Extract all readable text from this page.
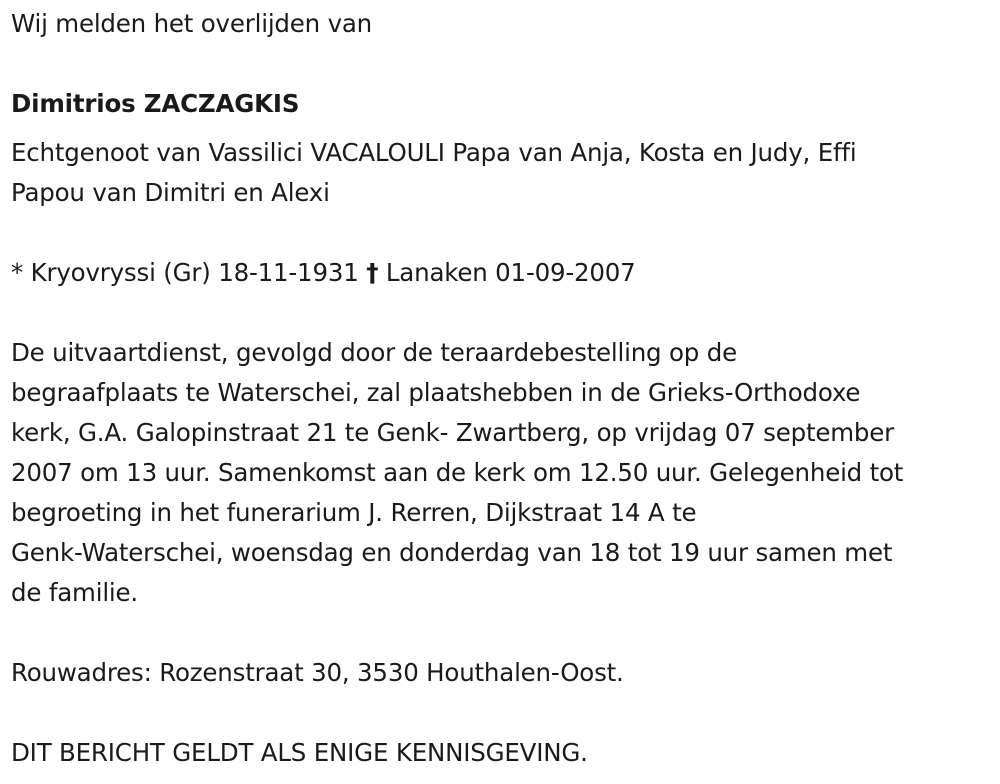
Wij melden het overlijden van
Dimitrios ZACZAGKIS
Echtgenoot van Vassilici VACALOULI Papa van Anja, Kosta en Judy, Effi
Papou van Dimitri en Alexi
* Kryovryssi (Gr) 18-11-1931 † Lanaken 01-09-2007
De uitvaartdienst, gevolgd door de teraardebestelling op de
begraafplaats te Waterschei, zal plaatshebben in de Grieks-Orthodoxe
kerk, G.A. Galopinstraat 21 te Genk- Zwartberg, op vrijdag 07 september
2007 om 13 uur. Samenkomst aan de kerk om 12.50 uur. Gelegenheid tot
begroeting in het funerarium J. Rerren, Dijkstraat 14 A te
Genk-Waterschei, woensdag en donderdag van 18 tot 19 uur samen met
de familie.
Rouwadres: Rozenstraat 30, 3530 Houthalen-Oost.
DIT BERICHT GELDT ALS ENIGE KENNISGEVING.
